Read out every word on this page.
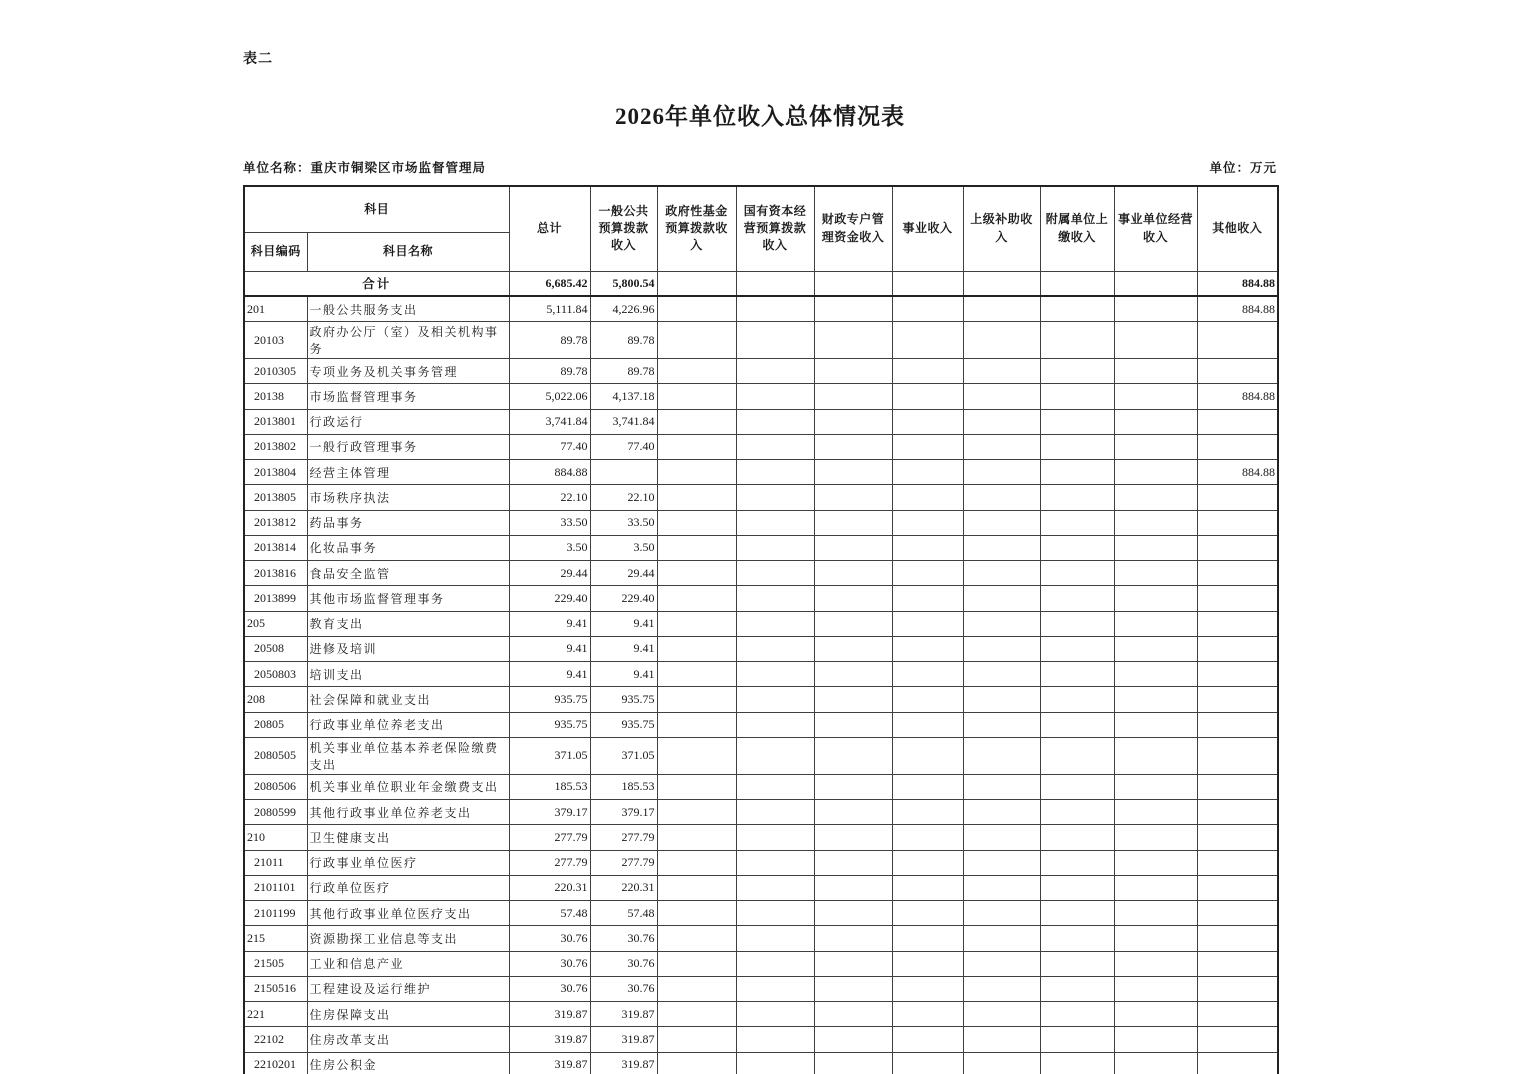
表二
2026年单位收入总体情况表
单位名称：重庆市铜梁区市场监督管理局	单位：万元
科目		总计	一般公共预算拨款收入	政府性基金预算拨款收入	国有资本经营预算拨款收入	财政专户管理资金收入	事业收入	上级补助收入	附属单位上缴收入	事业单位经营收入	其他收入
科目编码	科目名称										
合计		6,685.42	5,800.54								884.88
201	一般公共服务支出	5,111.84	4,226.96								884.88
20103	政府办公厅（室）及相关机构事务	89.78	89.78								
2010305	专项业务及机关事务管理	89.78	89.78								
20138	市场监督管理事务	5,022.06	4,137.18								884.88
2013801	行政运行	3,741.84	3,741.84								
2013802	一般行政管理事务	77.40	77.40								
2013804	经营主体管理	884.88									884.88
2013805	市场秩序执法	22.10	22.10								
2013812	药品事务	33.50	33.50								
2013814	化妆品事务	3.50	3.50								
2013816	食品安全监管	29.44	29.44								
2013899	其他市场监督管理事务	229.40	229.40								
205	教育支出	9.41	9.41								
20508	进修及培训	9.41	9.41								
2050803	培训支出	9.41	9.41								
208	社会保障和就业支出	935.75	935.75								
20805	行政事业单位养老支出	935.75	935.75								
2080505	机关事业单位基本养老保险缴费支出	371.05	371.05								
2080506	机关事业单位职业年金缴费支出	185.53	185.53								
2080599	其他行政事业单位养老支出	379.17	379.17								
210	卫生健康支出	277.79	277.79								
21011	行政事业单位医疗	277.79	277.79								
2101101	行政单位医疗	220.31	220.31								
2101199	其他行政事业单位医疗支出	57.48	57.48								
215	资源勘探工业信息等支出	30.76	30.76								
21505	工业和信息产业	30.76	30.76								
2150516	工程建设及运行维护	30.76	30.76								
221	住房保障支出	319.87	319.87								
22102	住房改革支出	319.87	319.87								
2210201	住房公积金	319.87	319.87								
